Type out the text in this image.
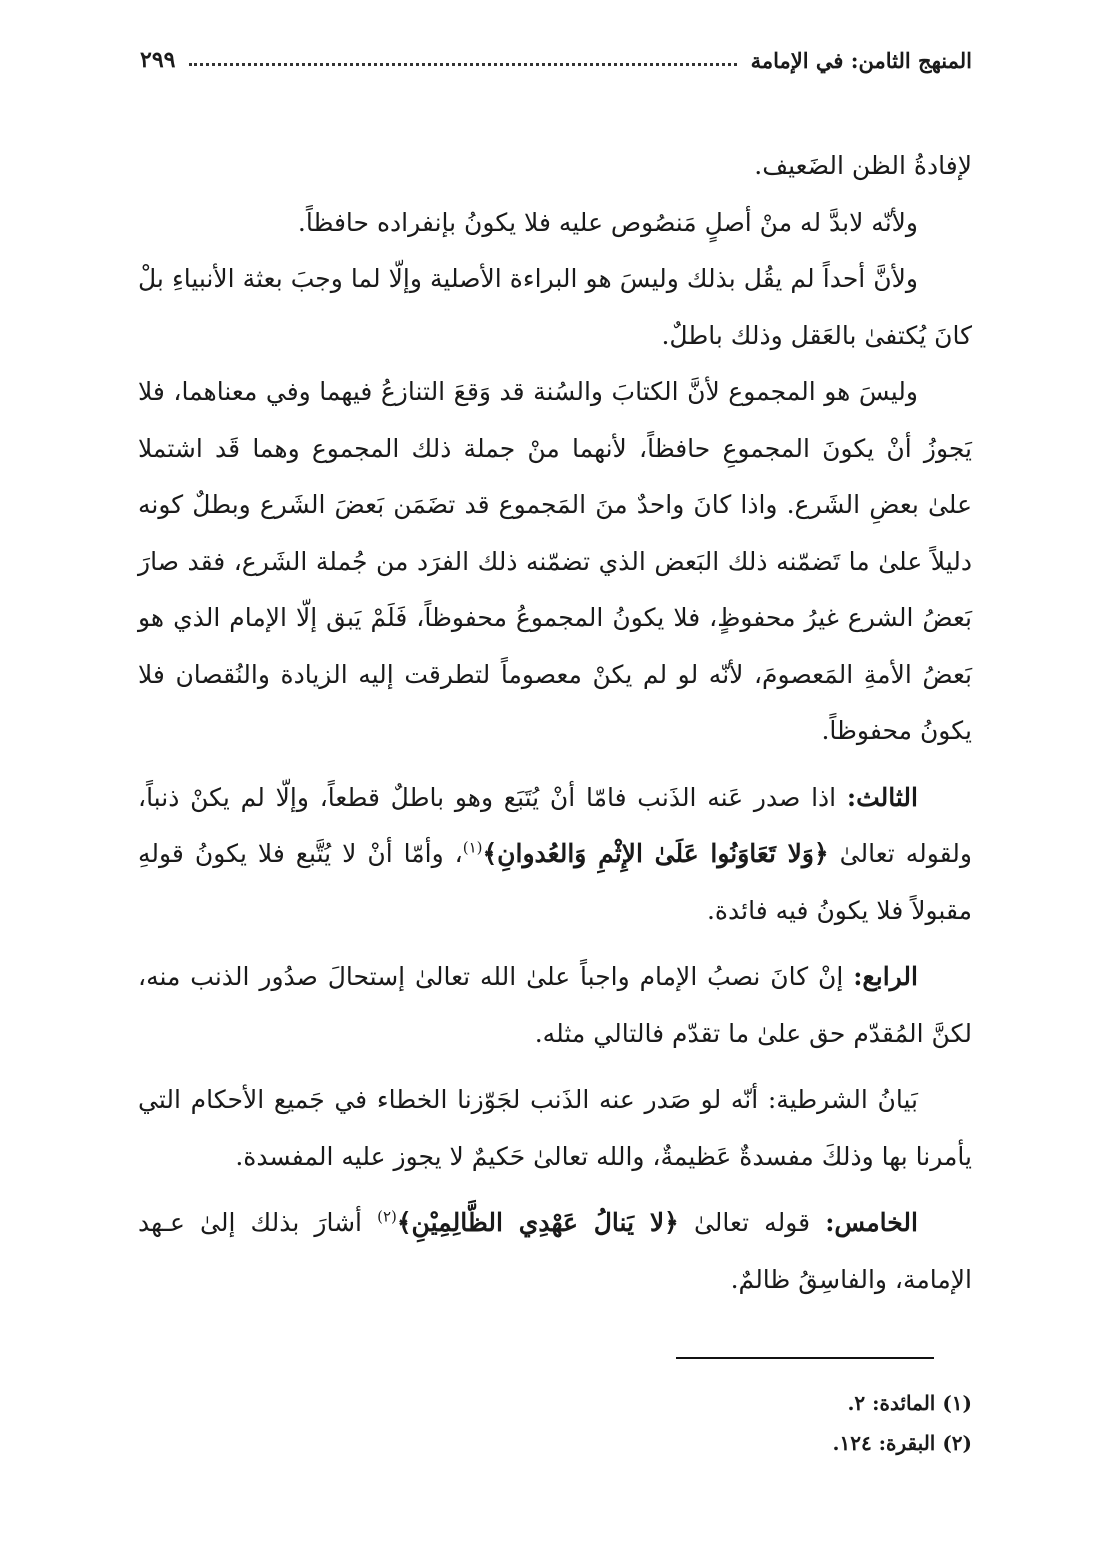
المنهج الثامن: في الإمامة
٢٩٩

لإفادةُ الظن الضَعيف.

ولأنّه لابدَّ له منْ أصلٍ مَنصُوص عليه فلا يكونُ بإنفراده حافظاً.

ولأنَّ أحداً لم يقُل بذلك وليسَ هو البراءة الأصلية وإلّا لما وجبَ بعثة الأنبياءِ بلْ كانَ يُكتفىٰ بالعَقل وذلك باطلٌ.

وليسَ هو المجموع لأنَّ الكتابَ والسُنة قد وَقعَ التنازعُ فيهما وفي معناهما، فلا يَجوزُ أنْ يكونَ المجموعِ حافظاً، لأنهما منْ جملة ذلك المجموع وهما قَد اشتملا علىٰ بعضِ الشَرع. واذا كانَ واحدٌ منَ المَجموع قد تضَمَن بَعضَ الشَرع وبطلٌ كونه دليلاً علىٰ ما تَضمّنه ذلك البَعض الذي تضمّنه ذلك الفرَد من جُملة الشَرع، فقد صارَ بَعضُ الشرع غيرُ محفوظٍ، فلا يكونُ المجموعُ محفوظاً، فَلَمْ يَبق إلّا الإمام الذي هو بَعضُ الأمةِ المَعصومَ، لأنّه لو لم يكنْ معصوماً لتطرقت إليه الزيادة والنُقصان فلا يكونُ محفوظاً.

الثالث: اذا صدر عَنه الذَنب فامّا أنْ يُتَبَع وهو باطلٌ قطعاً، وإلّا لم يكنْ ذنباً، ولقوله تعالىٰ ﴿وَلا تَعَاوَنُوا عَلَىٰ الإِثْمِ وَالعُدوانِ﴾$^{(١)}$، وأمّا أنْ لا يُتَّبع فلا يكونُ قولهِ مقبولاً فلا يكونُ فيه فائدة.

الرابع: إنْ كانَ نصبُ الإمام واجباً علىٰ الله تعالىٰ إستحالَ صدُور الذنب منه، لكنَّ المُقدّم حق علىٰ ما تقدّم فالتالي مثله.

بَيانُ الشرطية: أنّه لو صَدر عنه الذَنب لجَوّزنا الخطاء في جَميع الأحكام التي يأمرنا بها وذلكَ مفسدةٌ عَظيمةٌ، والله تعالىٰ حَكيمٌ لا يجوز عليه المفسدة.

الخامس: قوله تعالىٰ ﴿لا يَنالُ عَهْدِي الظَّالِمِيْنِ﴾$^{(٢)}$ أشارَ بذلك إلىٰ عـهد الإمامة، والفاسِقُ ظالمٌ.

(١) المائدة: ٢.

(٢) البقرة: ١٢٤.
